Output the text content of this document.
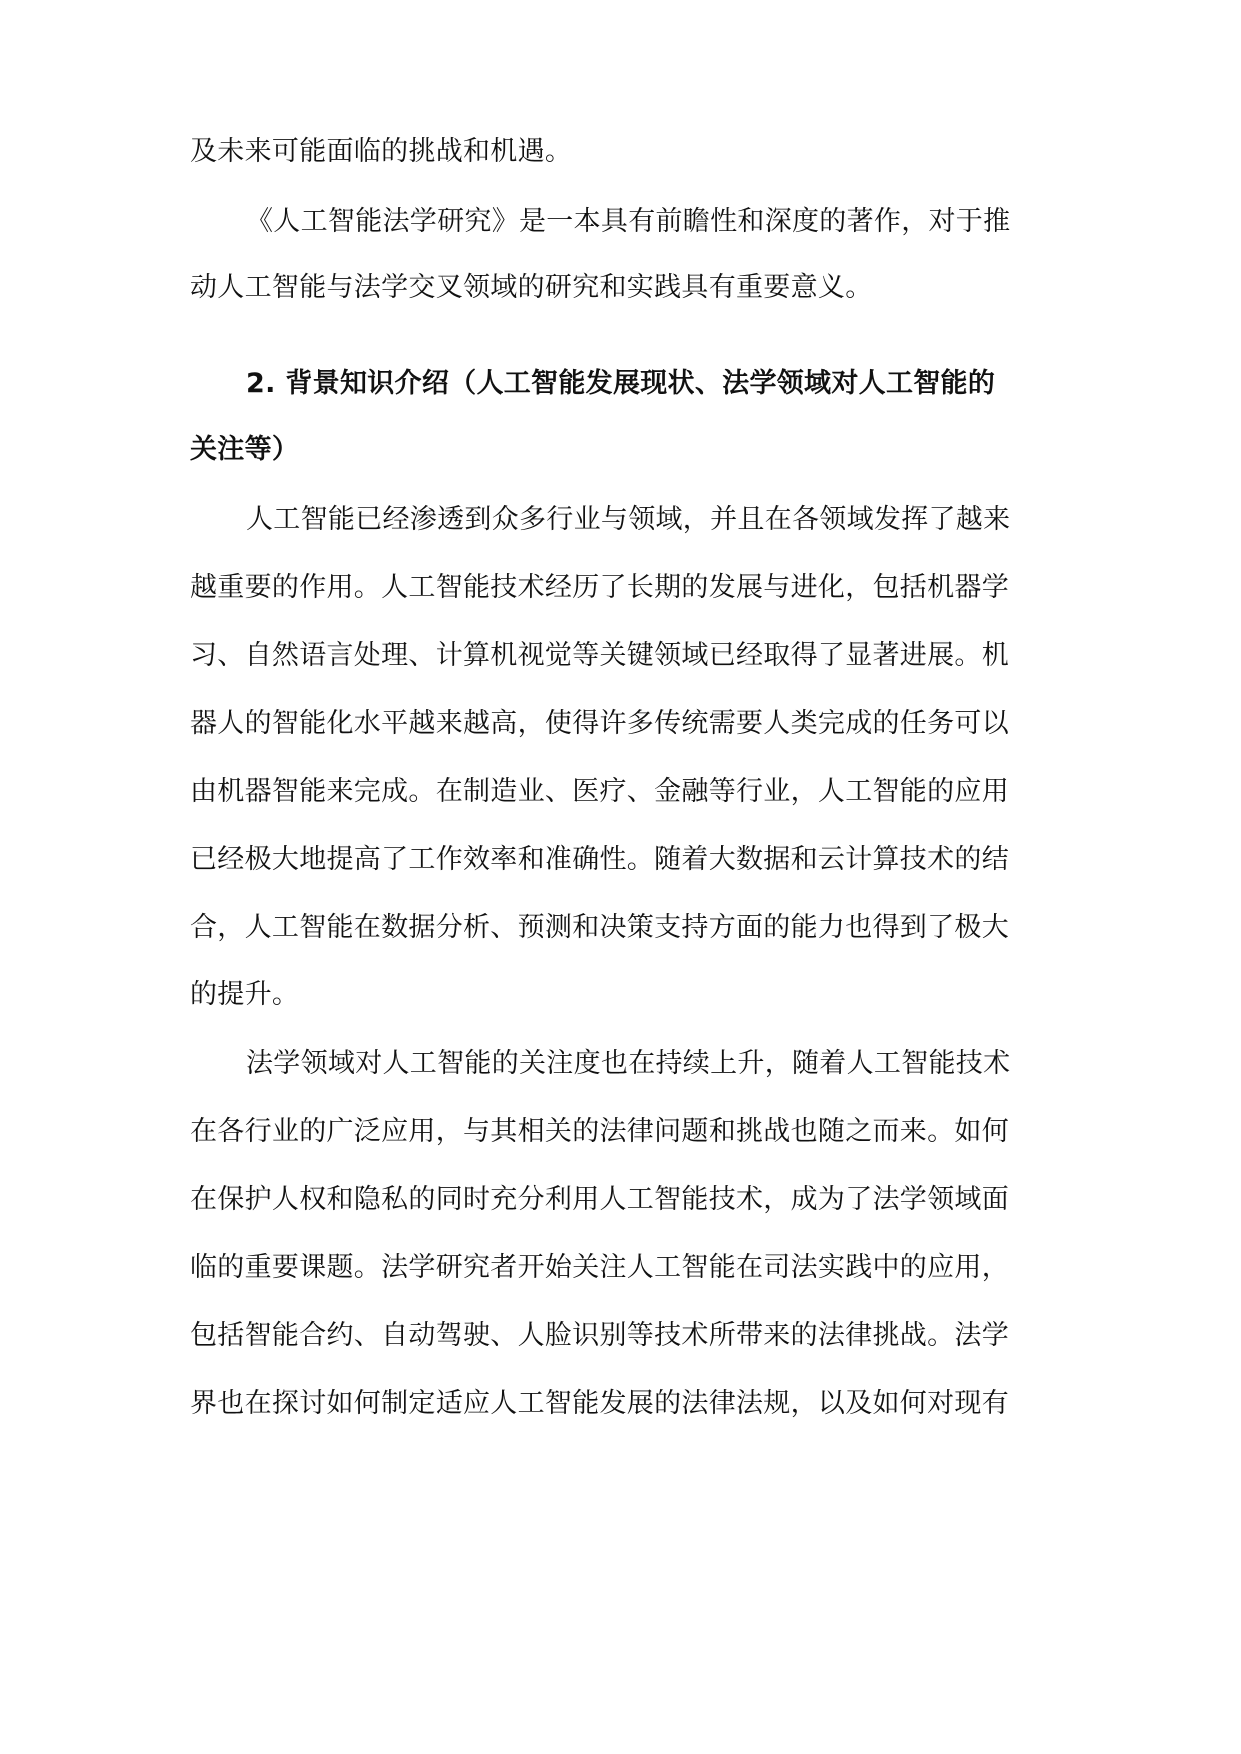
及未来可能面临的挑战和机遇。
《人工智能法学研究》是一本具有前瞻性和深度的著作，对于推
动人工智能与法学交叉领域的研究和实践具有重要意义。
2. 背景知识介绍（人工智能发展现状、法学领域对人工智能的
关注等）
人工智能已经渗透到众多行业与领域，并且在各领域发挥了越来
越重要的作用。人工智能技术经历了长期的发展与进化，包括机器学
习、自然语言处理、计算机视觉等关键领域已经取得了显著进展。机
器人的智能化水平越来越高，使得许多传统需要人类完成的任务可以
由机器智能来完成。在制造业、医疗、金融等行业，人工智能的应用
已经极大地提高了工作效率和准确性。随着大数据和云计算技术的结
合，人工智能在数据分析、预测和决策支持方面的能力也得到了极大
的提升。
法学领域对人工智能的关注度也在持续上升，随着人工智能技术
在各行业的广泛应用，与其相关的法律问题和挑战也随之而来。如何
在保护人权和隐私的同时充分利用人工智能技术，成为了法学领域面
临的重要课题。法学研究者开始关注人工智能在司法实践中的应用，
包括智能合约、自动驾驶、人脸识别等技术所带来的法律挑战。法学
界也在探讨如何制定适应人工智能发展的法律法规，以及如何对现有
